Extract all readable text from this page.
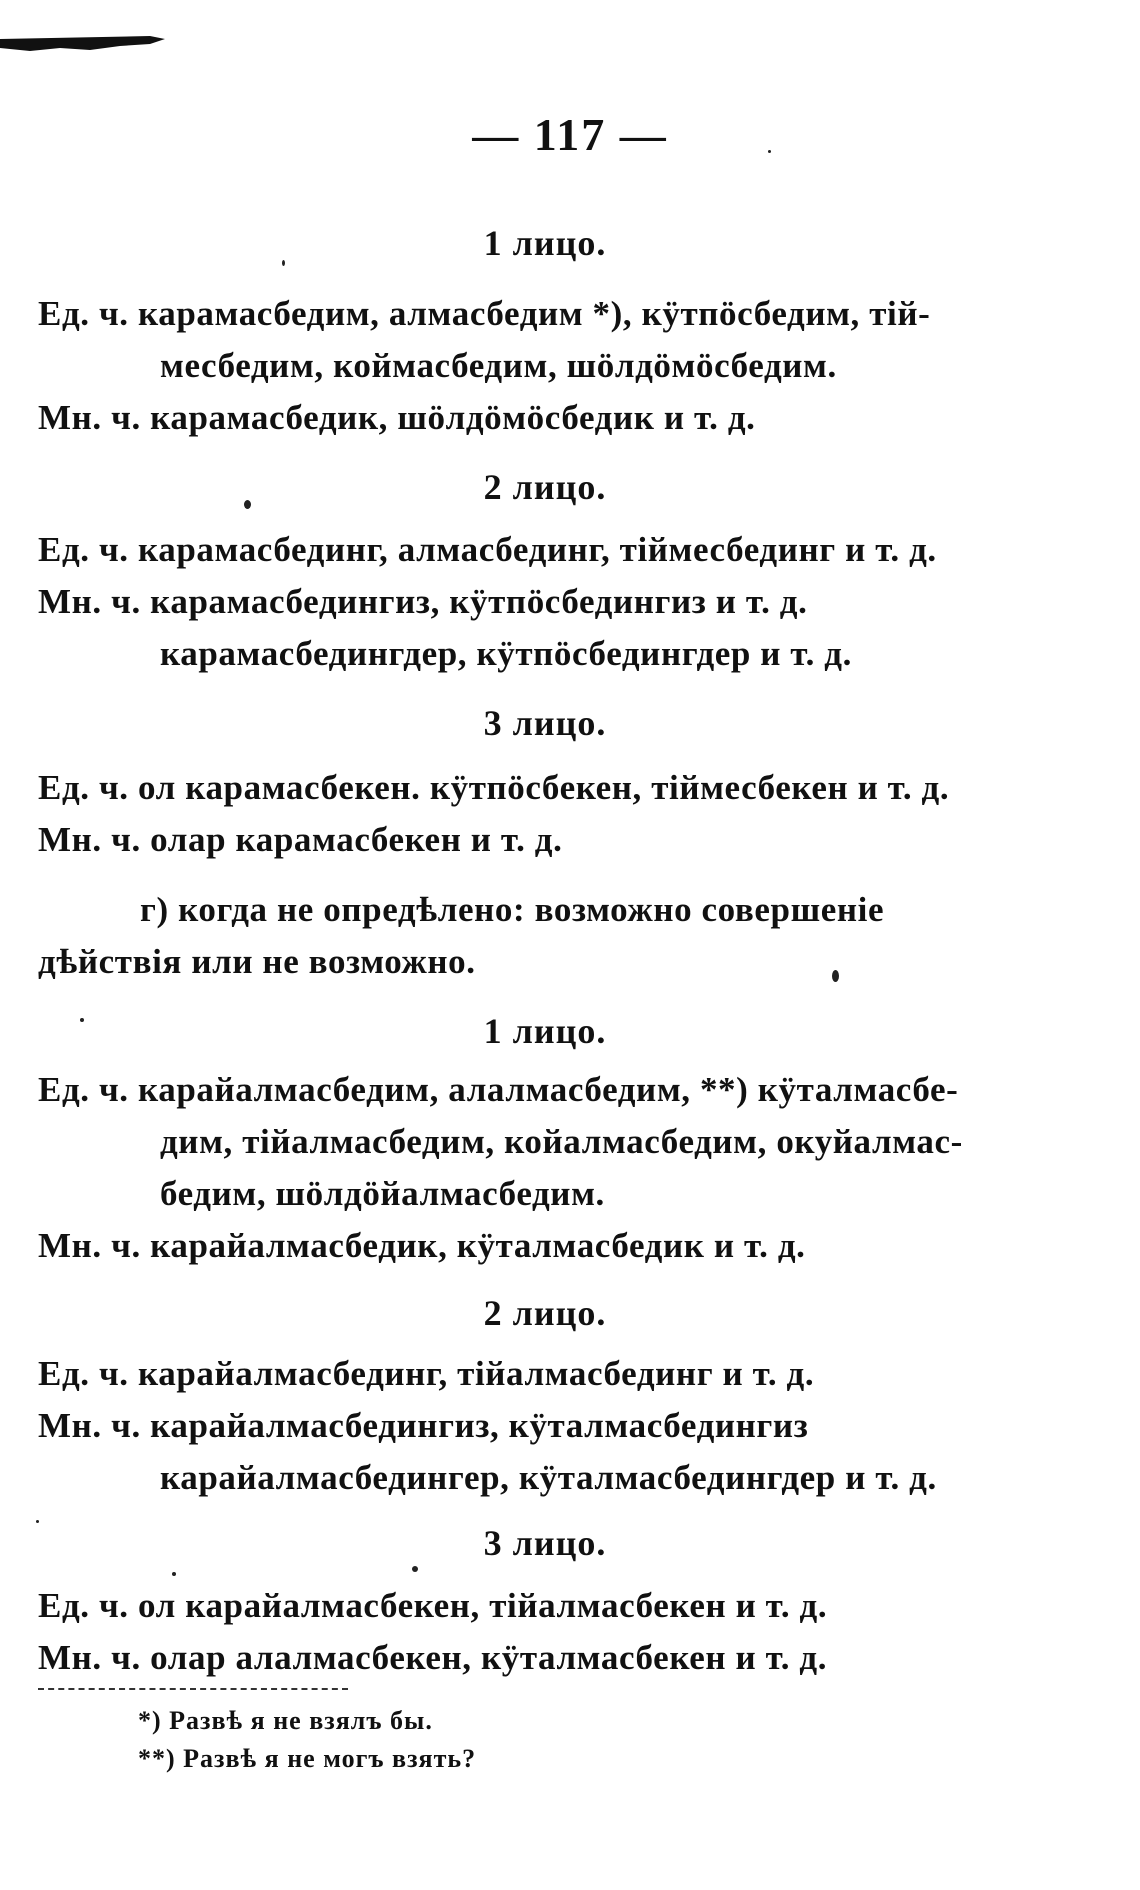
— 117 —
1 лицо.
Ед. ч. карамасбедим, алмасбедим *), кÿтпöсбедим, тій-
месбедим, коймасбедим, шöлдöмöсбедим.
Мн. ч. карамасбедик, шöлдöмöсбедик и т. д.
2 лицо.
Ед. ч. карамасбединг, алмасбединг, тіймесбединг и т. д.
Мн. ч. карамасбедингиз, кÿтпöсбедингиз и т. д.
карамасбедингдер, кÿтпöсбедингдер и т. д.
3 лицо.
Ед. ч. ол карамасбекен. кÿтпöсбекен, тіймесбекен и т. д.
Мн. ч. олар карамасбекен и т. д.
г) когда не опредѣлено: возможно совершеніе
дѣйствія или не возможно.
1 лицо.
Ед. ч. карайалмасбедим, алалмасбедим, **) кÿталмасбе-
дим, тійалмасбедим, койалмасбедим, окуйалмас-
бедим, шöлдöйалмасбедим.
Мн. ч. карайалмасбедик, кÿталмасбедик и т. д.
2 лицо.
Ед. ч. карайалмасбединг, тійалмасбединг и т. д.
Мн. ч. карайалмасбедингиз, кÿталмасбедингиз
карайалмасбедингер, кÿталмасбедингдер и т. д.
3 лицо.
Ед. ч. ол карайалмасбекен, тійалмасбекен и т. д.
Мн. ч. олар алалмасбекен, кÿталмасбекен и т. д.
*) Развѣ я не взялъ бы.
**) Развѣ я не могъ взять?
